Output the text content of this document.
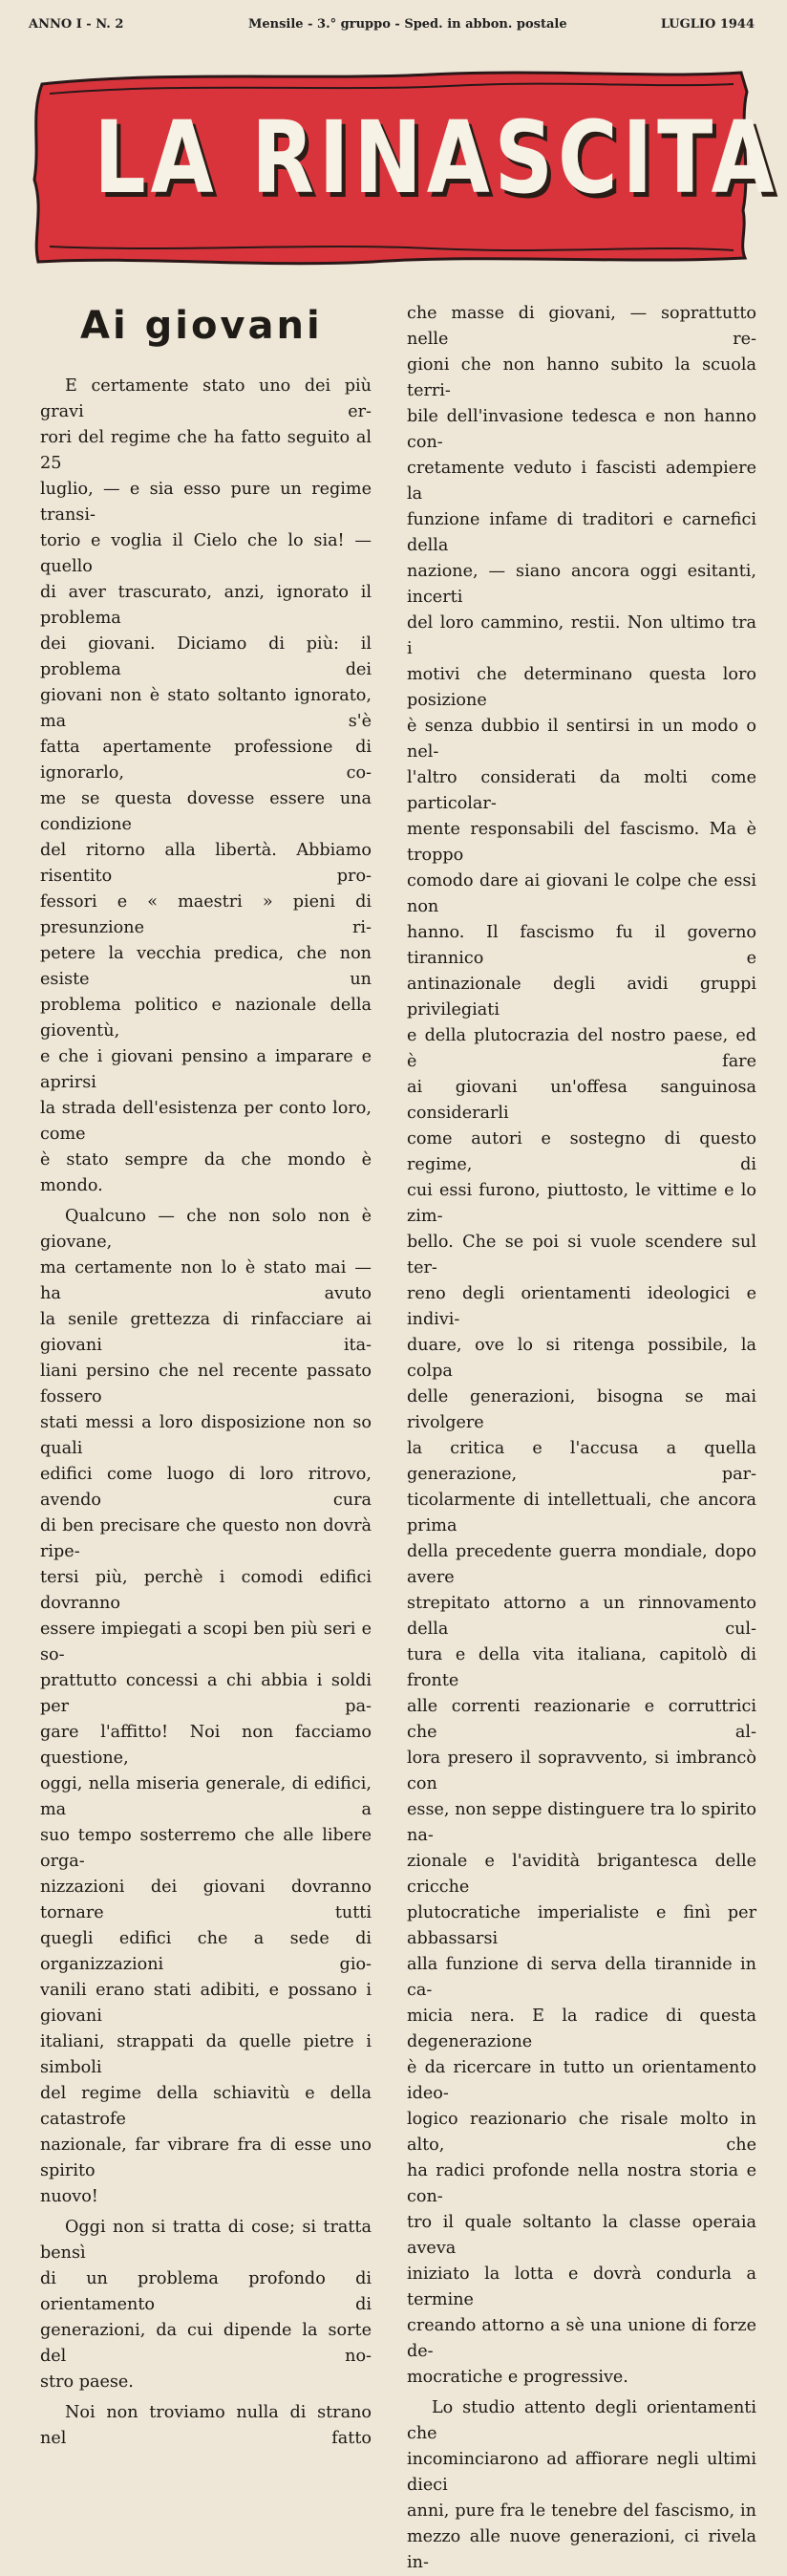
ANNO I - N. 2	Mensile - 3.° gruppo - Sped. in abbon. postale	LUGLIO 1944
LA RINASCITA
Ai giovani

E certamente stato uno dei più gravi er-

rori del regime che ha fatto seguito al 25

luglio, — e sia esso pure un regime transi-

torio e voglia il Cielo che lo sia! — quello

di aver trascurato, anzi, ignorato il problema

dei giovani. Diciamo di più: il problema dei

giovani non è stato soltanto ignorato, ma s'è

fatta apertamente professione di ignorarlo, co-

me se questa dovesse essere una condizione

del ritorno alla libertà. Abbiamo risentito pro-

fessori e « maestri » pieni di presunzione ri-

petere la vecchia predica, che non esiste un

problema politico e nazionale della gioventù,

e che i giovani pensino a imparare e aprirsi

la strada dell'esistenza per conto loro, come

è stato sempre da che mondo è mondo.

Qualcuno — che non solo non è giovane,

ma certamente non lo è stato mai — ha avuto

la senile grettezza di rinfacciare ai giovani ita-

liani persino che nel recente passato fossero

stati messi a loro disposizione non so quali

edifici come luogo di loro ritrovo, avendo cura

di ben precisare che questo non dovrà ripe-

tersi più, perchè i comodi edifici dovranno

essere impiegati a scopi ben più seri e so-

prattutto concessi a chi abbia i soldi per pa-

gare l'affitto! Noi non facciamo questione,

oggi, nella miseria generale, di edifici, ma a

suo tempo sosterremo che alle libere orga-

nizzazioni dei giovani dovranno tornare tutti

quegli edifici che a sede di organizzazioni gio-

vanili erano stati adibiti, e possano i giovani

italiani, strappati da quelle pietre i simboli

del regime della schiavitù e della catastrofe

nazionale, far vibrare fra di esse uno spirito

nuovo!

Oggi non si tratta di cose; si tratta bensì

di un problema profondo di orientamento di

generazioni, da cui dipende la sorte del no-

stro paese.

Noi non troviamo nulla di strano nel fatto

che masse di giovani, — soprattutto nelle re-

gioni che non hanno subito la scuola terri-

bile dell'invasione tedesca e non hanno con-

cretamente veduto i fascisti adempiere la

funzione infame di traditori e carnefici della

nazione, — siano ancora oggi esitanti, incerti

del loro cammino, restii. Non ultimo tra i

motivi che determinano questa loro posizione

è senza dubbio il sentirsi in un modo o nel-

l'altro considerati da molti come particolar-

mente responsabili del fascismo. Ma è troppo

comodo dare ai giovani le colpe che essi non

hanno. Il fascismo fu il governo tirannico e

antinazionale degli avidi gruppi privilegiati

e della plutocrazia del nostro paese, ed è fare

ai giovani un'offesa sanguinosa considerarli

come autori e sostegno di questo regime, di

cui essi furono, piuttosto, le vittime e lo zim-

bello. Che se poi si vuole scendere sul ter-

reno degli orientamenti ideologici e indivi-

duare, ove lo si ritenga possibile, la colpa

delle generazioni, bisogna se mai rivolgere

la critica e l'accusa a quella generazione, par-

ticolarmente di intellettuali, che ancora prima

della precedente guerra mondiale, dopo avere

strepitato attorno a un rinnovamento della cul-

tura e della vita italiana, capitolò di fronte

alle correnti reazionarie e corruttrici che al-

lora presero il sopravvento, si imbrancò con

esse, non seppe distinguere tra lo spirito na-

zionale e l'avidità brigantesca delle cricche

plutocratiche imperialiste e finì per abbassarsi

alla funzione di serva della tirannide in ca-

micia nera. E la radice di questa degenerazione

è da ricercare in tutto un orientamento ideo-

logico reazionario che risale molto in alto, che

ha radici profonde nella nostra storia e con-

tro il quale soltanto la classe operaia aveva

iniziato la lotta e dovrà condurla a termine

creando attorno a sè una unione di forze de-

mocratiche e progressive.

Lo studio attento degli orientamenti che

incominciarono ad affiorare negli ultimi dieci

anni, pure fra le tenebre del fascismo, in

mezzo alle nuove generazioni, ci rivela in-
